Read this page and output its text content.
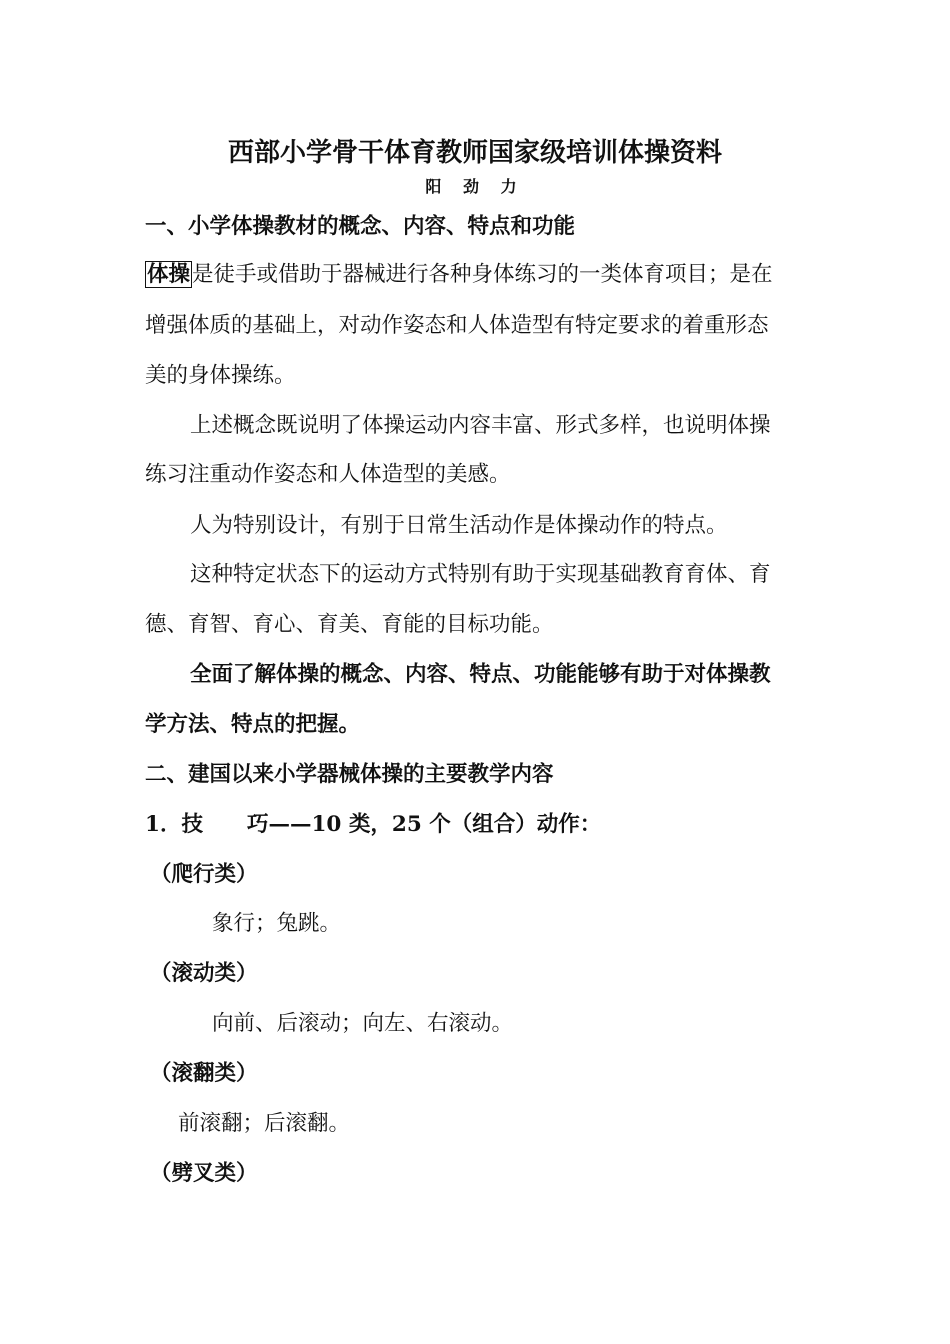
西部小学骨干体育教师国家级培训体操资料
阳 劲 力
一、小学体操教材的概念、内容、特点和功能
体操是徒手或借助于器械进行各种身体练习的一类体育项目；是在
增强体质的基础上，对动作姿态和人体造型有特定要求的着重形态
美的身体操练。
上述概念既说明了体操运动内容丰富、形式多样，也说明体操
练习注重动作姿态和人体造型的美感。
人为特别设计，有别于日常生活动作是体操动作的特点。
这种特定状态下的运动方式特别有助于实现基础教育育体、育
德、育智、育心、育美、育能的目标功能。
全面了解体操的概念、内容、特点、功能能够有助于对体操教
学方法、特点的把握。
二、建国以来小学器械体操的主要教学内容
1．技 巧——10 类，25 个（组合）动作：
（爬行类）
象行；兔跳。
（滚动类）
向前、后滚动；向左、右滚动。
（滚翻类）
前滚翻；后滚翻。
（劈叉类）
